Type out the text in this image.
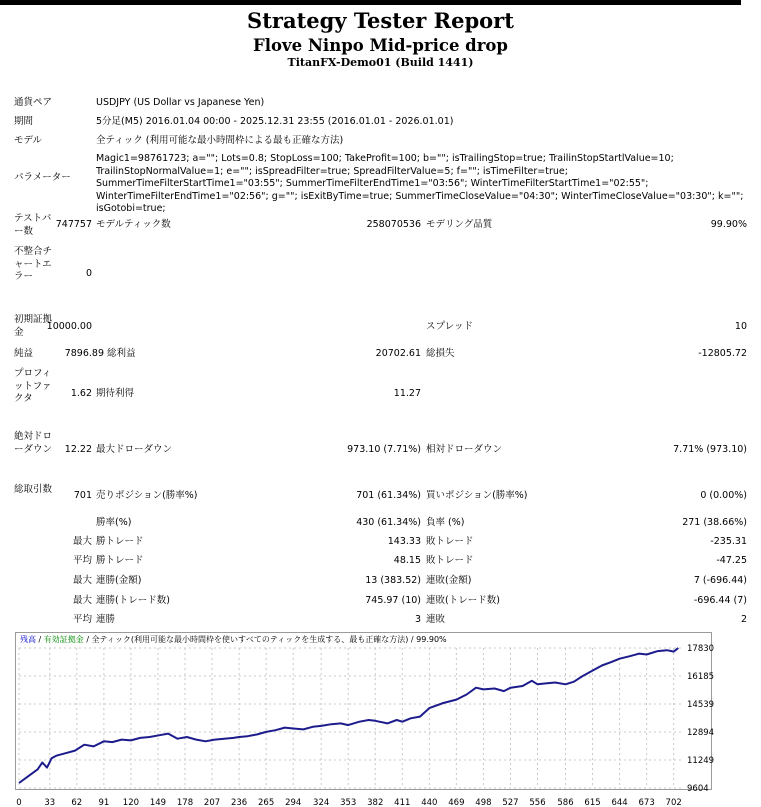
Strategy Tester Report
Flove Ninpo Mid-price drop
TitanFX-Demo01 (Build 1441)
通貨ペア	USDJPY (US Dollar vs Japanese Yen)
期間	5分足(M5) 2016.01.04 00:00 - 2025.12.31 23:55 (2016.01.01 - 2026.01.01)
モデル	全ティック (利用可能な最小時間枠による最も正確な方法)
パラメーター
Magic1=98761723; a=""; Lots=0.8; StopLoss=100; TakeProfit=100; b=""; isTrailingStop=true; TrailinStopStartlValue=10; TrailinStopNormalValue=1; e=""; isSpreadFilter=true; SpreadFilterValue=5; f=""; isTimeFilter=true; SummerTimeFilterStartTime1="03:55"; SummerTimeFilterEndTime1="03:56"; WinterTimeFilterStartTime1="02:55"; WinterTimeFilterEndTime1="02:56"; g=""; isExitByTime=true; SummerTimeCloseValue="04:30"; WinterTimeCloseValue="03:30"; k=""; isGotobi=true;
テストバー数
747757 モデルティック数	258070536 モデリング品質	99.90%
不整合チャートエラー	0
初期証拠金	10000.00	スプレッド	10
純益	7896.89 総利益	20702.61 総損失	-12805.72
プロフィットファクタ	1.62 期待利得	11.27
絶対ドローダウン	12.22 最大ドローダウン	973.10 (7.71%) 相対ドローダウン	7.71% (973.10)
総取引数
701 売りポジション(勝率%)	701 (61.34%) 買いポジション(勝率%)	0 (0.00%)
勝率(%)	430 (61.34%) 負率 (%)	271 (38.66%)
最大 勝トレード	143.33 敗トレード	-235.31
平均 勝トレード	48.15 敗トレード	-47.25
最大 連勝(金額)	13 (383.52) 連敗(金額)	7 (-696.44)
最大 連勝(トレード数)	745.97 (10) 連敗(トレード数)	-696.44 (7)
平均 連勝	3 連敗	2
0	33 62 91 120 149 178 207 236 265 294 324 353 382 411 440 469 498 527 556 586 615 644 673 702
9604
11249
12894
14539
16185
17830
残高 / 有効証拠金 / 全ティック(利用可能な最小時間枠を使いすべてのティックを生成する、最も正確な方法) / 99.90%
